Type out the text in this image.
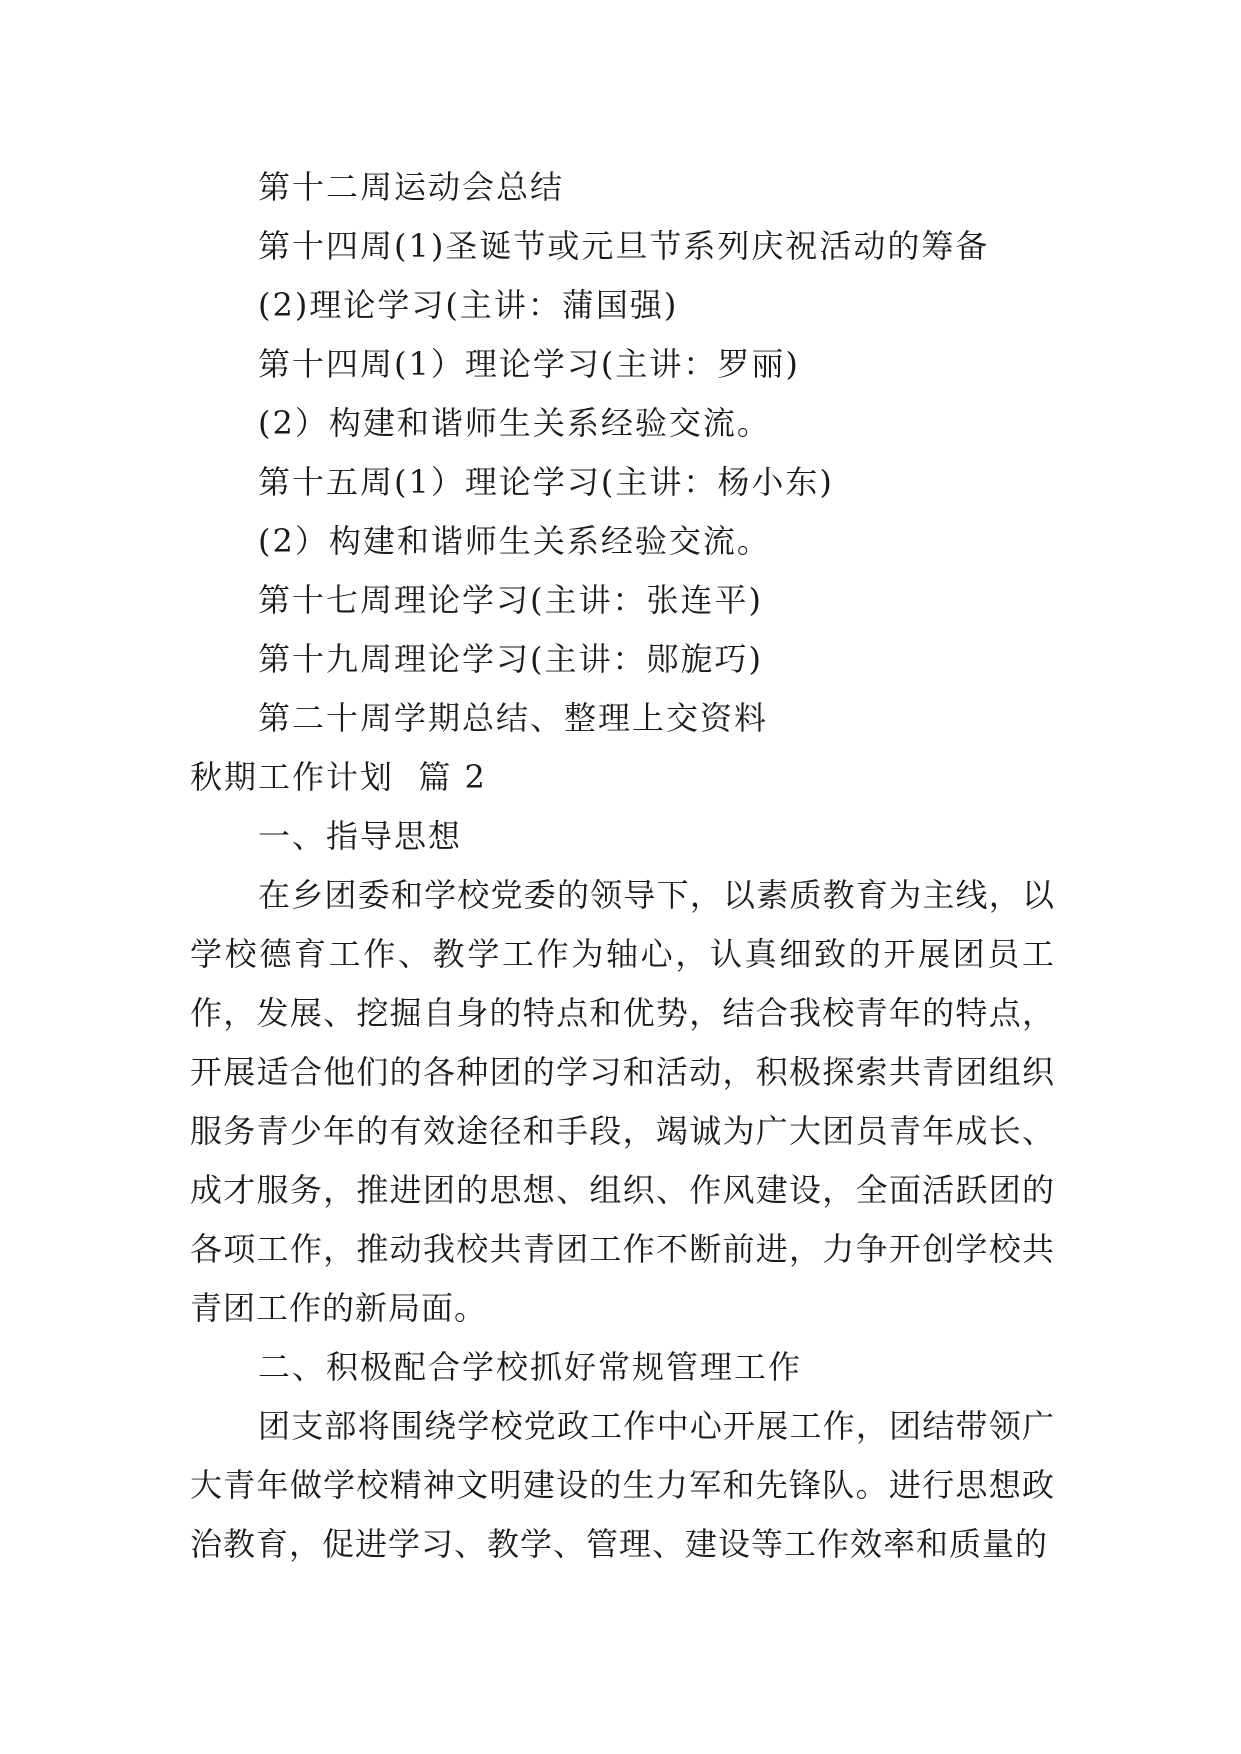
第十二周运动会总结
第十四周(1)圣诞节或元旦节系列庆祝活动的筹备
(2)理论学习(主讲：蒲国强)
第十四周(1）理论学习(主讲：罗丽)
(2）构建和谐师生关系经验交流。
第十五周(1）理论学习(主讲：杨小东)
(2）构建和谐师生关系经验交流。
第十七周理论学习(主讲：张连平)
第十九周理论学习(主讲：郧旎巧)
第二十周学期总结、整理上交资料
秋期工作计划  篇 2
一、指导思想

在乡团委和学校党委的领导下，以素质教育为主线，以学校德育工作、教学工作为轴心，认真细致的开展团员工作，发展、挖掘自身的特点和优势，结合我校青年的特点，开展适合他们的各种团的学习和活动，积极探索共青团组织服务青少年的有效途径和手段，竭诚为广大团员青年成长、成才服务，推进团的思想、组织、作风建设，全面活跃团的各项工作，推动我校共青团工作不断前进，力争开创学校共青团工作的新局面。

二、积极配合学校抓好常规管理工作

团支部将围绕学校党政工作中心开展工作，团结带领广大青年做学校精神文明建设的生力军和先锋队。进行思想政治教育，促进学习、教学、管理、建设等工作效率和质量的
